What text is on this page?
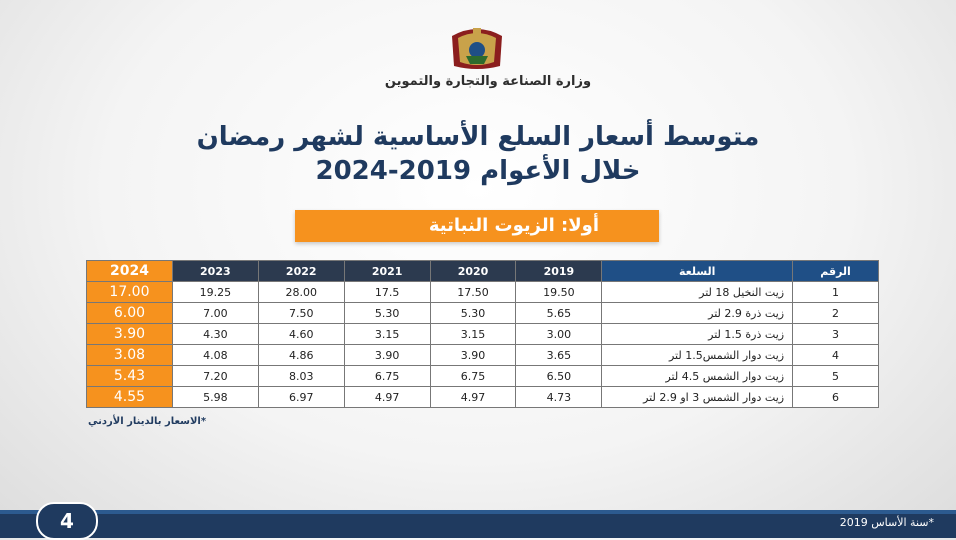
وزارة الصناعة والتجارة والتموين
متوسط أسعار السلع الأساسية لشهر رمضان
خلال الأعوام 2019-2024
أولا: الزيوت النباتية
2024	2023	2022	2021	2020	2019	السلعة	الرقم
17.00	19.25	28.00	17.5	17.50	19.50	زيت النخيل 18 لتر	1
6.00	7.00	7.50	5.30	5.30	5.65	زيت ذرة 2.9 لتر	2
3.90	4.30	4.60	3.15	3.15	3.00	زيت ذرة 1.5 لتر	3
3.08	4.08	4.86	3.90	3.90	3.65	زيت دوار الشمس1.5 لتر	4
5.43	7.20	8.03	6.75	6.75	6.50	زيت دوار الشمس 4.5 لتر	5
4.55	5.98	6.97	4.97	4.97	4.73	زيت دوار الشمس 3 او 2.9 لتر	6
*الاسعار بالدينار الأردني
4	*سنة الأساس 2019
